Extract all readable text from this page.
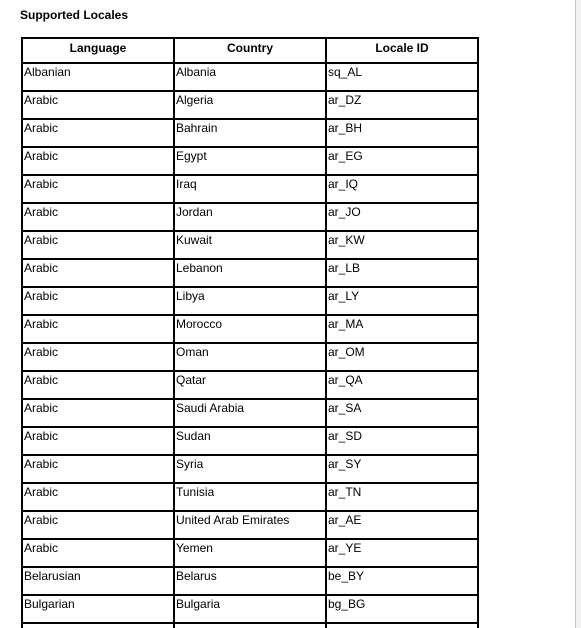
Supported Locales
Language	Country	Locale ID
Albanian	Albania	sq_AL
Arabic	Algeria	ar_DZ
Arabic	Bahrain	ar_BH
Arabic	Egypt	ar_EG
Arabic	Iraq	ar_IQ
Arabic	Jordan	ar_JO
Arabic	Kuwait	ar_KW
Arabic	Lebanon	ar_LB
Arabic	Libya	ar_LY
Arabic	Morocco	ar_MA
Arabic	Oman	ar_OM
Arabic	Qatar	ar_QA
Arabic	Saudi Arabia	ar_SA
Arabic	Sudan	ar_SD
Arabic	Syria	ar_SY
Arabic	Tunisia	ar_TN
Arabic	United Arab Emirates	ar_AE
Arabic	Yemen	ar_YE
Belarusian	Belarus	be_BY
Bulgarian	Bulgaria	bg_BG
